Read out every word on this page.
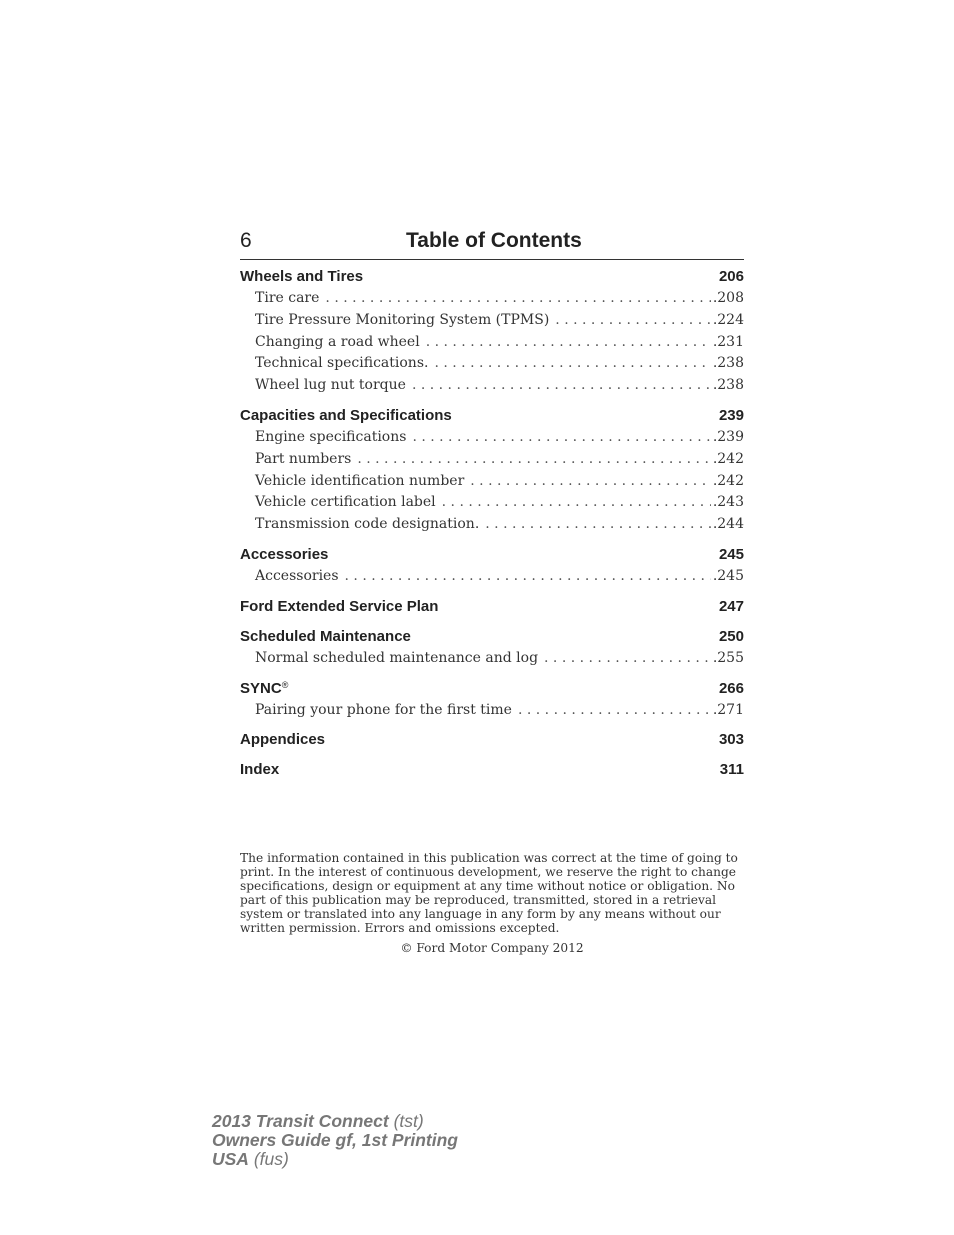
6	Table of Contents
Wheels and Tires	206
Tire care . . .	.208
Tire Pressure Monitoring System (TPMS) . . .	.224
Changing a road wheel . . .	.231
Technical specifications. . . .	.238
Wheel lug nut torque . . .	.238
Capacities and Specifications	239
Engine specifications . . .	.239
Part numbers . . .	.242
Vehicle identification number . . .	.242
Vehicle certification label . . .	.243
Transmission code designation. . . .	.244
Accessories	245
Accessories . . .	.245
Ford Extended Service Plan	247
Scheduled Maintenance	250
Normal scheduled maintenance and log . . .	.255
SYNC®	266
Pairing your phone for the first time . . .	.271
Appendices	303
Index	311
The information contained in this publication was correct at the time of going to print. In the interest of continuous development, we reserve the right to change specifications, design or equipment at any time without notice or obligation. No part of this publication may be reproduced, transmitted, stored in a retrieval system or translated into any language in any form by any means without our written permission. Errors and omissions excepted.
© Ford Motor Company 2012
2013 Transit Connect (tst)
Owners Guide gf, 1st Printing
USA (fus)
